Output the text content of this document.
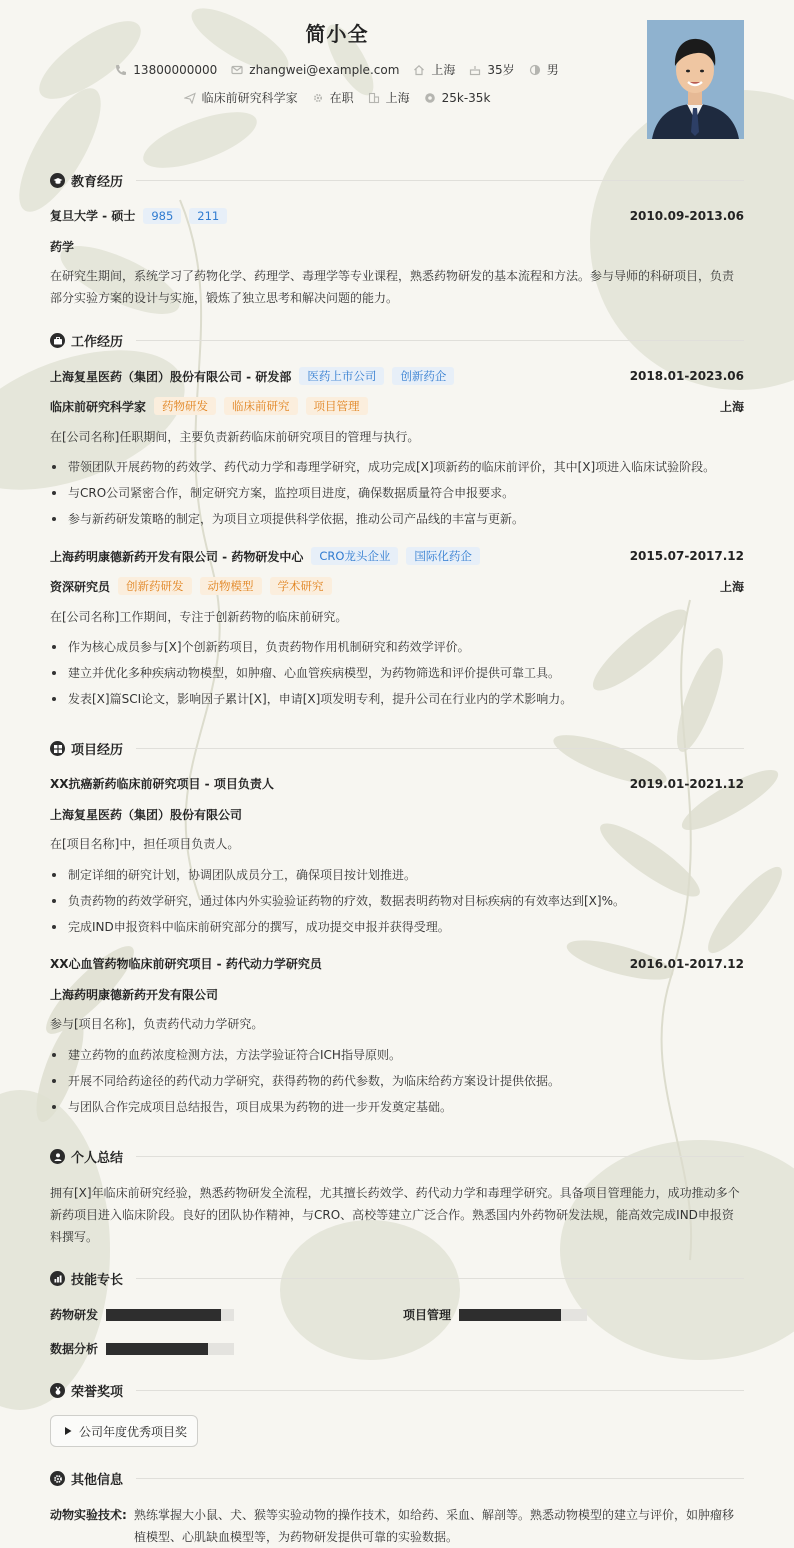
简小全
13800000000	zhangwei@example.com	上海	35岁	男
临床前研究科学家	在职	上海	25k-35k
教育经历
复旦大学 - 硕士	985	211	2010.09-2013.06
药学
在研究生期间，系统学习了药物化学、药理学、毒理学等专业课程，熟悉药物研发的基本流程和方法。参与导师的科研项目，负责部分实验方案的设计与实施，锻炼了独立思考和解决问题的能力。
工作经历
上海复星医药（集团）股份有限公司 - 研发部	医药上市公司	创新药企	2018.01-2023.06
临床前研究科学家	药物研发	临床前研究	项目管理	上海
在[公司名称]任职期间，主要负责新药临床前研究项目的管理与执行。
带领团队开展药物的药效学、药代动力学和毒理学研究，成功完成[X]项新药的临床前评价，其中[X]项进入临床试验阶段。
与CRO公司紧密合作，制定研究方案，监控项目进度，确保数据质量符合申报要求。
参与新药研发策略的制定，为项目立项提供科学依据，推动公司产品线的丰富与更新。
上海药明康德新药开发有限公司 - 药物研发中心	CRO龙头企业	国际化药企	2015.07-2017.12
资深研究员	创新药研发	动物模型	学术研究	上海
在[公司名称]工作期间，专注于创新药物的临床前研究。
作为核心成员参与[X]个创新药项目，负责药物作用机制研究和药效学评价。
建立并优化多种疾病动物模型，如肿瘤、心血管疾病模型，为药物筛选和评价提供可靠工具。
发表[X]篇SCI论文，影响因子累计[X]，申请[X]项发明专利，提升公司在行业内的学术影响力。
项目经历
XX抗癌新药临床前研究项目 - 项目负责人	2019.01-2021.12
上海复星医药（集团）股份有限公司
在[项目名称]中，担任项目负责人。
制定详细的研究计划，协调团队成员分工，确保项目按计划推进。
负责药物的药效学研究，通过体内外实验验证药物的疗效，数据表明药物对目标疾病的有效率达到[X]%。
完成IND申报资料中临床前研究部分的撰写，成功提交申报并获得受理。
XX心血管药物临床前研究项目 - 药代动力学研究员	2016.01-2017.12
上海药明康德新药开发有限公司
参与[项目名称]，负责药代动力学研究。
建立药物的血药浓度检测方法，方法学验证符合ICH指导原则。
开展不同给药途径的药代动力学研究，获得药物的药代参数，为临床给药方案设计提供依据。
与团队合作完成项目总结报告，项目成果为药物的进一步开发奠定基础。
个人总结
拥有[X]年临床前研究经验，熟悉药物研发全流程，尤其擅长药效学、药代动力学和毒理学研究。具备项目管理能力，成功推动多个新药项目进入临床阶段。良好的团队协作精神，与CRO、高校等建立广泛合作。熟悉国内外药物研发法规，能高效完成IND申报资料撰写。
技能专长
药物研发	项目管理
数据分析
荣誉奖项
公司年度优秀项目奖
其他信息
动物实验技术: 熟练掌握大小鼠、犬、猴等实验动物的操作技术，如给药、采血、解剖等。熟悉动物模型的建立与评价，如肿瘤移植模型、心肌缺血模型等，为药物研发提供可靠的实验数据。
